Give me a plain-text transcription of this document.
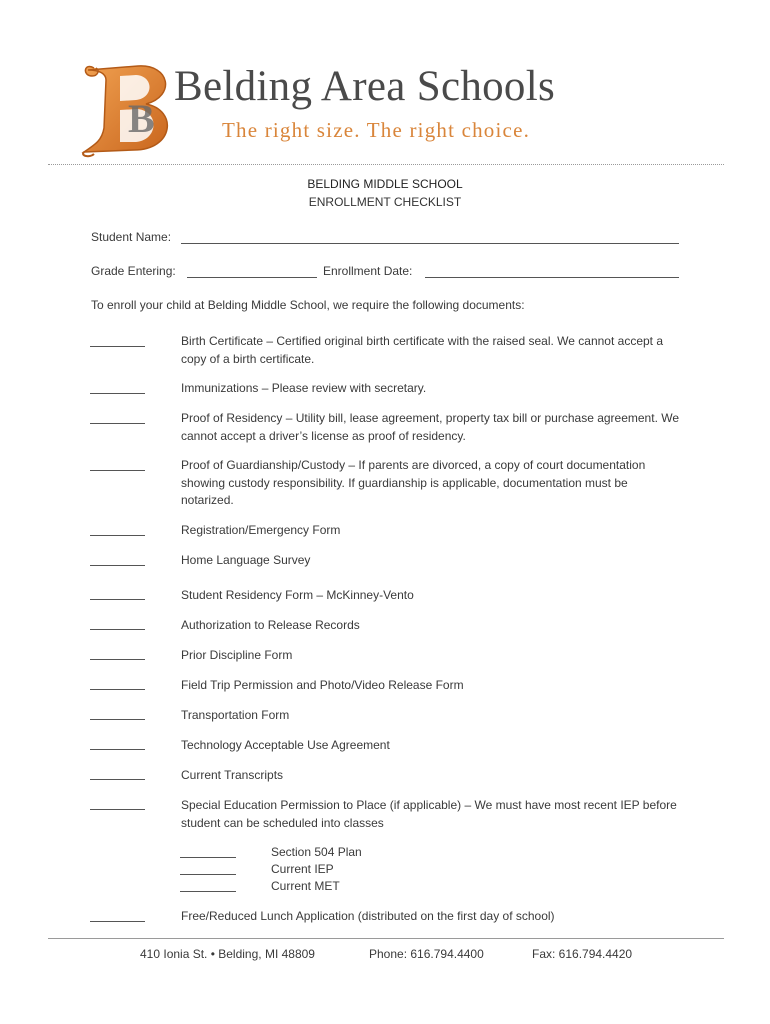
B
Belding Area Schools
The right size. The right choice.
BELDING MIDDLE SCHOOL
ENROLLMENT CHECKLIST
Student Name:
Grade Entering:	Enrollment Date:
To enroll your child at Belding Middle School, we require the following documents:
Birth Certificate – Certified original birth certificate with the raised seal. We cannot accept a copy of a birth certificate.
Immunizations – Please review with secretary.
Proof of Residency – Utility bill, lease agreement, property tax bill or purchase agreement. We cannot accept a driver’s license as proof of residency.
Proof of Guardianship/Custody – If parents are divorced, a copy of court documentation showing custody responsibility. If guardianship is applicable, documentation must be notarized.
Registration/Emergency Form
Home Language Survey
Student Residency Form – McKinney-Vento
Authorization to Release Records
Prior Discipline Form
Field Trip Permission and Photo/Video Release Form
Transportation Form
Technology Acceptable Use Agreement
Current Transcripts
Special Education Permission to Place (if applicable) – We must have most recent IEP before student can be scheduled into classes
Section 504 Plan
Current IEP
Current MET
Free/Reduced Lunch Application (distributed on the first day of school)
410 Ionia St. • Belding, MI 48809	Phone: 616.794.4400	Fax: 616.794.4420
